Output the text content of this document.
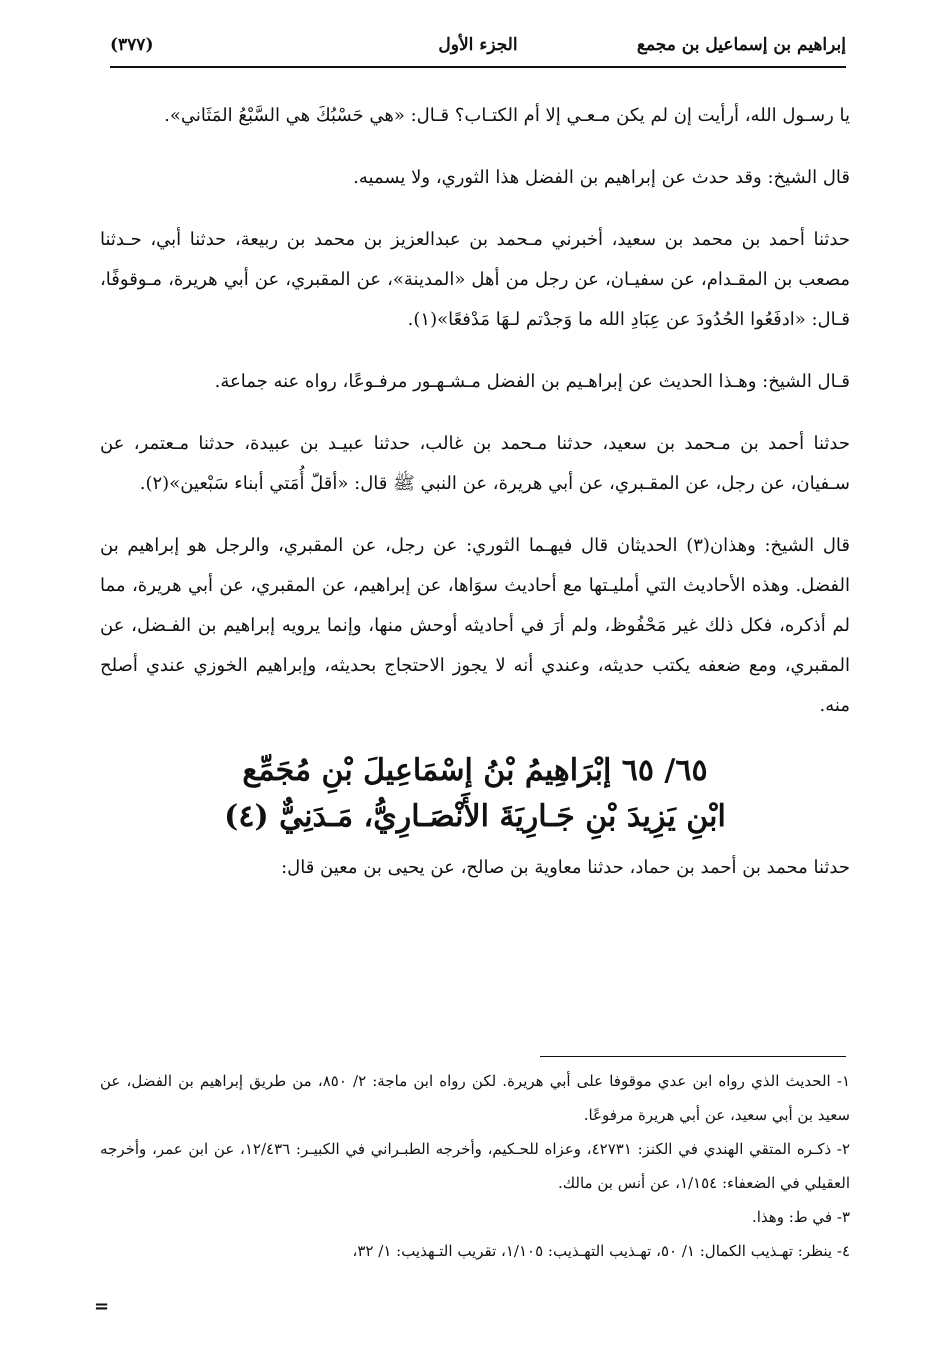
إبراهيم بن إسماعيل بن مجمع
الجزء الأول
(٣٧٧)

يا رسـول الله، أرأيت إن لم يكن مـعـي إلا أم الكتـاب؟ قـال: «هي حَسْبُكَ هي السَّبْعُ المَثَاني».

قال الشيخ: وقد حدث عن إبراهيم بن الفضل هذا الثوري، ولا يسميه.

حدثنا أحمد بن محمد بن سعيد، أخبرني مـحمد بن عبدالعزيز بن محمد بن ربيعة، حدثنا أبي، حـدثنا مصعب بن المقـدام، عن سفيـان، عن رجل من أهل «المدينة»، عن المقبري، عن أبي هريرة، مـوقوفًا، قـال: «ادفَعُوا الحُدُودَ عن عِبَادِ الله ما وَجدْتم لـهَا مَدْفعًا»(١).

قـال الشيخ: وهـذا الحديث عن إبراهـيم بن الفضل مـشـهـور مرفـوعًا، رواه عنه جماعة.

حدثنا أحمد بن مـحمد بن سعيد، حدثنا مـحمد بن غالب، حدثنا عبيـد بن عبيدة، حدثنا مـعتمر، عن سـفيان، عن رجل، عن المقـبري، عن أبي هريرة، عن النبي ﷺ قال: «أقلّ أُمَتي أبناء سَبْعين»(٢).

قال الشيخ: وهذان(٣) الحديثان قال فيهـما الثوري: عن رجل، عن المقبري، والرجل هو إبراهيم بن الفضل. وهذه الأحاديث التي أمليـتها مع أحاديث سوَاها، عن إبراهيم، عن المقبري، عن أبي هريرة، مما لم أذكره، فكل ذلك غير مَحْفُوظ، ولم أرَ في أحاديثه أوحش منها، وإنما يرويه إبراهيم بن الفـضل، عن المقبري، ومع ضعفه يكتب حديثه، وعندي أنه لا يجوز الاحتجاج بحديثه، وإبراهيم الخوزي عندي أصلح منه.

٦٥/ ٦٥ إبْرَاهِيمُ بْنُ إسْمَاعِيلَ بْنِ مُجَمِّع
ابْنِ يَزِيدَ بْنِ جَـارِيَةَ الأَنْصَـارِيُّ، مَـدَنِيٌّ (٤)

حدثنا محمد بن أحمد بن حماد، حدثنا معاوية بن صالح، عن يحيى بن معين قال:

١- الحديث الذي رواه ابن عدي موقوفا على أبي هريرة. لكن رواه ابن ماجة: ٢/ ٨٥٠، من طريق إبراهيم بن الفضل، عن سعيد بن أبي سعيد، عن أبي هريرة مرفوعًا.

٢- ذكـره المتقي الهندي في الكنز: ٤٢٧٣١، وعزاه للحـكيم، وأخرجه الطبـراني في الكبيـر: ١٢/٤٣٦، عن ابن عمر، وأخرجه العقيلي في الضعفاء: ١/١٥٤، عن أنس بن مالك.

٣- في ط: وهذا.

٤- ينظر: تهـذيب الكمال: ١/ ٥٠، تهـذيب التهـذيب: ١/١٠٥، تقريب التـهذيب: ١/ ٣٢،

=
